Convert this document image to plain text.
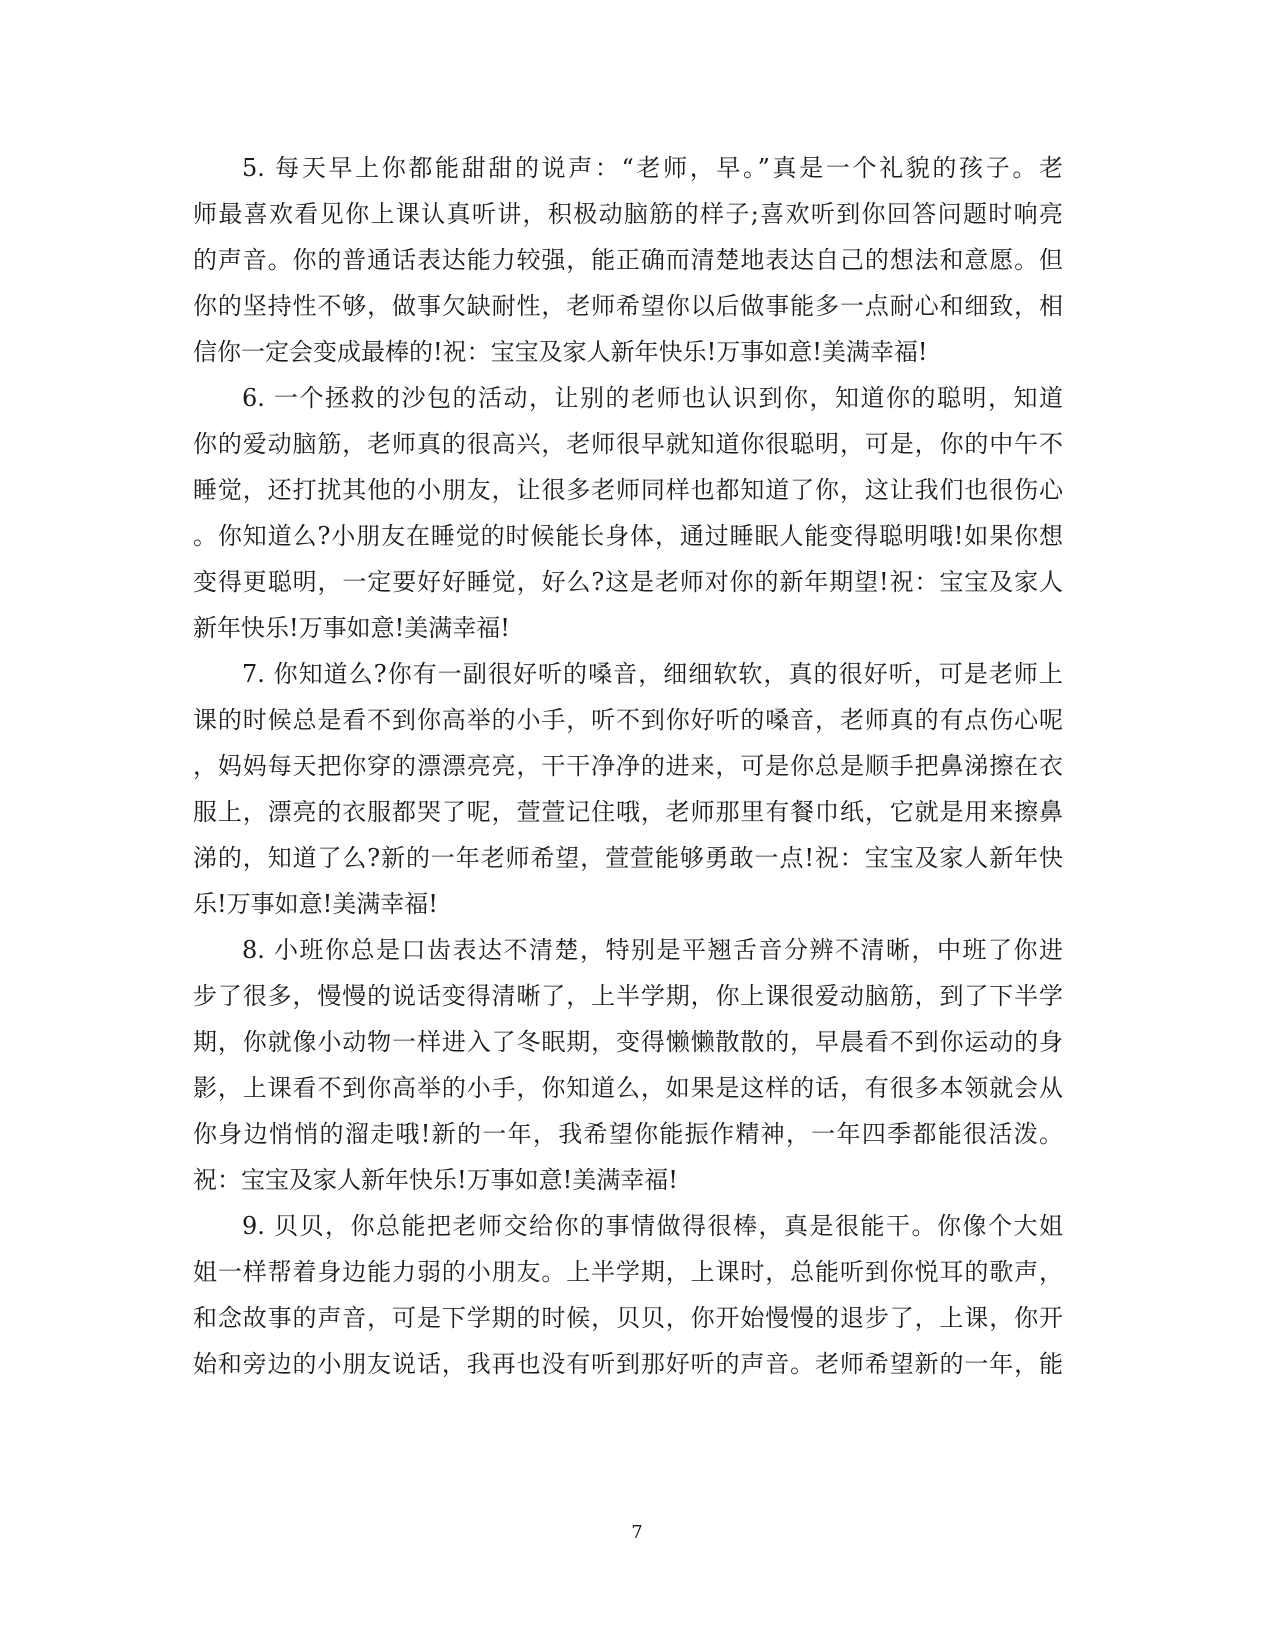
5. 每天早上你都能甜甜的说声：“老师，早。”真是一个礼貌的孩子。老
师最喜欢看见你上课认真听讲，积极动脑筋的样子;喜欢听到你回答问题时响亮
的声音。你的普通话表达能力较强，能正确而清楚地表达自己的想法和意愿。但
你的坚持性不够，做事欠缺耐性，老师希望你以后做事能多一点耐心和细致，相
信你一定会变成最棒的!祝：宝宝及家人新年快乐!万事如意!美满幸福!
6. 一个拯救的沙包的活动，让别的老师也认识到你，知道你的聪明，知道
你的爱动脑筋，老师真的很高兴，老师很早就知道你很聪明，可是，你的中午不
睡觉，还打扰其他的小朋友，让很多老师同样也都知道了你，这让我们也很伤心
。你知道么?小朋友在睡觉的时候能长身体，通过睡眠人能变得聪明哦!如果你想
变得更聪明，一定要好好睡觉，好么?这是老师对你的新年期望!祝：宝宝及家人
新年快乐!万事如意!美满幸福!
7. 你知道么?你有一副很好听的嗓音，细细软软，真的很好听，可是老师上
课的时候总是看不到你高举的小手，听不到你好听的嗓音，老师真的有点伤心呢
，妈妈每天把你穿的漂漂亮亮，干干净净的进来，可是你总是顺手把鼻涕擦在衣
服上，漂亮的衣服都哭了呢，萱萱记住哦，老师那里有餐巾纸，它就是用来擦鼻
涕的，知道了么?新的一年老师希望，萱萱能够勇敢一点!祝：宝宝及家人新年快
乐!万事如意!美满幸福!
8. 小班你总是口齿表达不清楚，特别是平翘舌音分辨不清晰，中班了你进
步了很多，慢慢的说话变得清晰了，上半学期，你上课很爱动脑筋，到了下半学
期，你就像小动物一样进入了冬眠期，变得懒懒散散的，早晨看不到你运动的身
影，上课看不到你高举的小手，你知道么，如果是这样的话，有很多本领就会从
你身边悄悄的溜走哦!新的一年，我希望你能振作精神，一年四季都能很活泼。
祝：宝宝及家人新年快乐!万事如意!美满幸福!
9. 贝贝，你总能把老师交给你的事情做得很棒，真是很能干。你像个大姐
姐一样帮着身边能力弱的小朋友。上半学期，上课时，总能听到你悦耳的歌声，
和念故事的声音，可是下学期的时候，贝贝，你开始慢慢的退步了，上课，你开
始和旁边的小朋友说话，我再也没有听到那好听的声音。老师希望新的一年，能
7
